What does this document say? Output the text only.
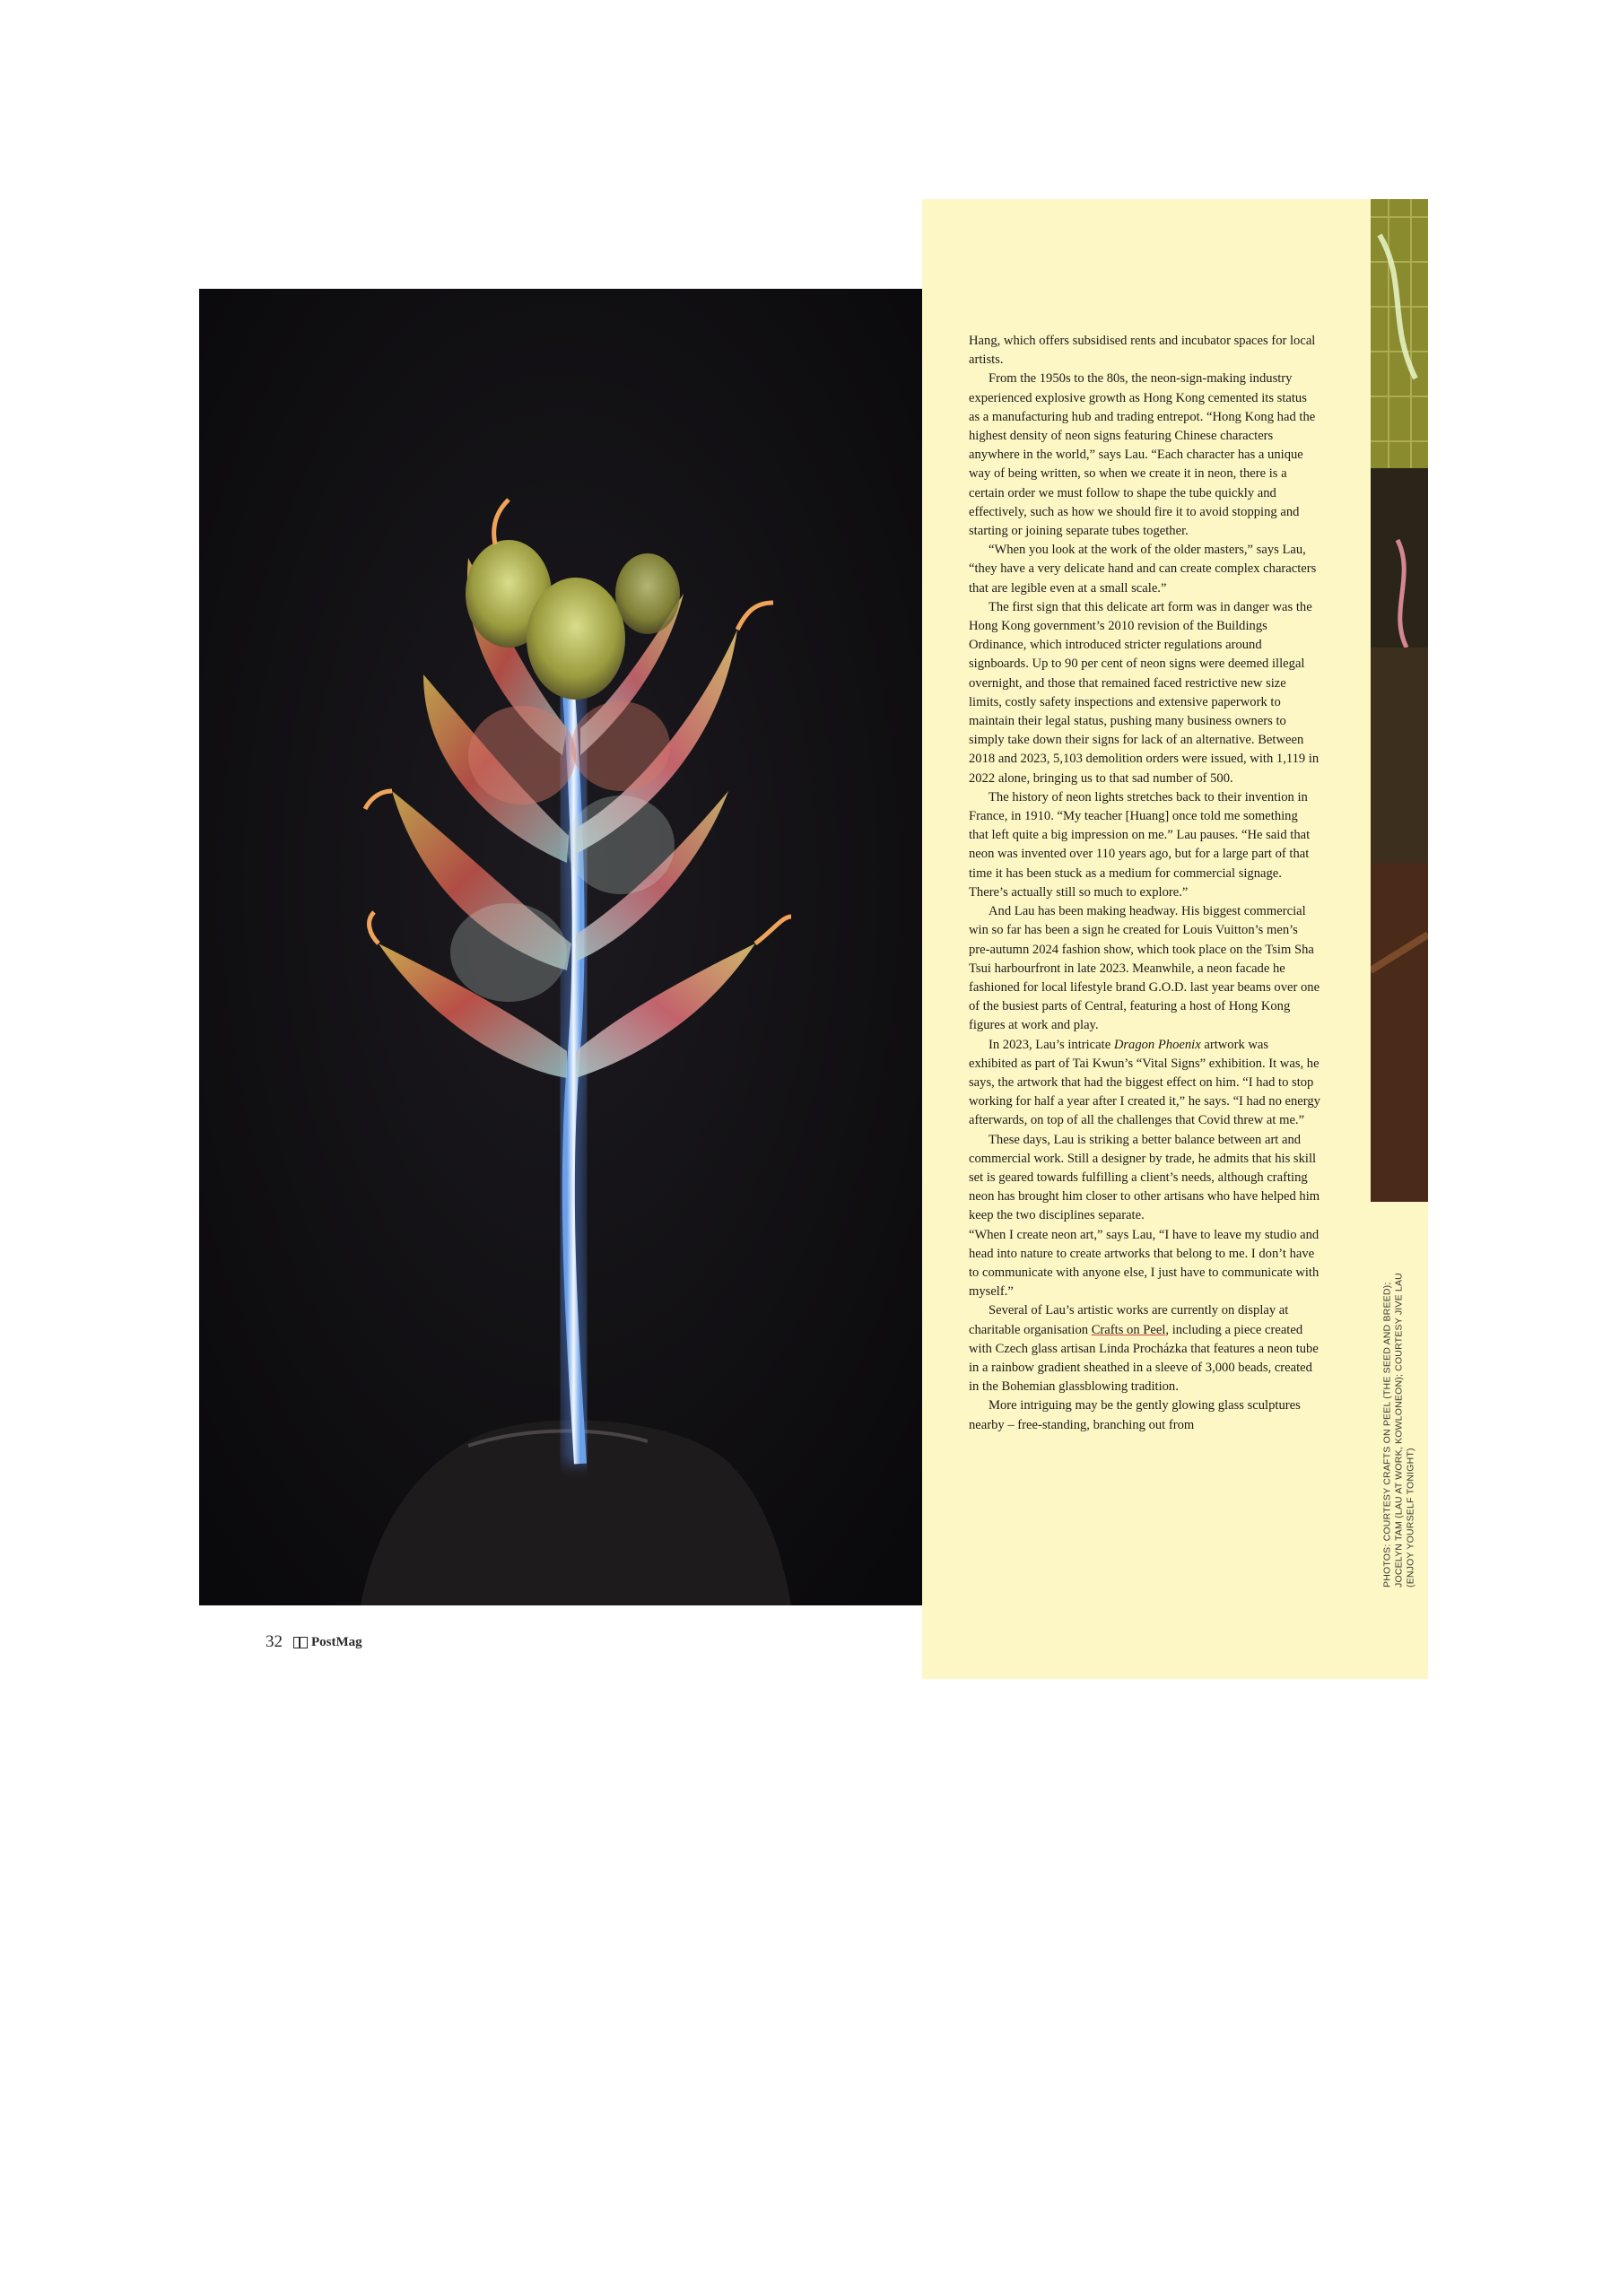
Hang, which offers subsidised rents and incubator spaces for local artists.

From the 1950s to the 80s, the neon-sign-making industry experienced explosive growth as Hong Kong cemented its status as a manufacturing hub and trading entrepot. “Hong Kong had the highest density of neon signs featuring Chinese characters anywhere in the world,” says Lau. “Each character has a unique way of being written, so when we create it in neon, there is a certain order we must follow to shape the tube quickly and effectively, such as how we should fire it to avoid stopping and starting or joining separate tubes together.

“When you look at the work of the older masters,” says Lau, “they have a very delicate hand and can create complex characters that are legible even at a small scale.”

The first sign that this delicate art form was in danger was the Hong Kong government’s 2010 revision of the Buildings Ordinance, which introduced stricter regulations around signboards. Up to 90 per cent of neon signs were deemed illegal overnight, and those that remained faced restrictive new size limits, costly safety inspections and extensive paperwork to maintain their legal status, pushing many business owners to simply take down their signs for lack of an alternative. Between 2018 and 2023, 5,103 demolition orders were issued, with 1,119 in 2022 alone, bringing us to that sad number of 500.

The history of neon lights stretches back to their invention in France, in 1910. “My teacher [Huang] once told me something that left quite a big impression on me.” Lau pauses. “He said that neon was invented over 110 years ago, but for a large part of that time it has been stuck as a medium for commercial signage. There’s actually still so much to explore.”

And Lau has been making headway. His biggest commercial win so far has been a sign he created for Louis Vuitton’s men’s pre-autumn 2024 fashion show, which took place on the Tsim Sha Tsui harbourfront in late 2023. Meanwhile, a neon facade he fashioned for local lifestyle brand G.O.D. last year beams over one of the busiest parts of Central, featuring a host of Hong Kong figures at work and play.

In 2023, Lau’s intricate Dragon Phoenix artwork was exhibited as part of Tai Kwun’s “Vital Signs” exhibition. It was, he says, the artwork that had the biggest effect on him. “I had to stop working for half a year after I created it,” he says. “I had no energy afterwards, on top of all the challenges that Covid threw at me.”

These days, Lau is striking a better balance between art and commercial work. Still a designer by trade, he admits that his skill set is geared towards fulfilling a client’s needs, although crafting neon has brought him closer to other artisans who have helped him keep the two disciplines separate.

“When I create neon art,” says Lau, “I have to leave my studio and head into nature to create artworks that belong to me. I don’t have to communicate with anyone else, I just have to communicate with myself.”

Several of Lau’s artistic works are currently on display at charitable organisation Crafts on Peel, including a piece created with Czech glass artisan Linda Procházka that features a neon tube in a rainbow gradient sheathed in a sleeve of 3,000 beads, created in the Bohemian glassblowing tradition.

More intriguing may be the gently glowing glass sculptures nearby – free-standing, branching out from	PHOTOS: COURTESY CRAFTS ON PEEL (THE SEED AND BREED); JOCELYN TAM (LAU AT WORK, KOWLONEON); COURTESY JIVE LAU (ENJOY YOURSELF TONIGHT)
32 PostMag
